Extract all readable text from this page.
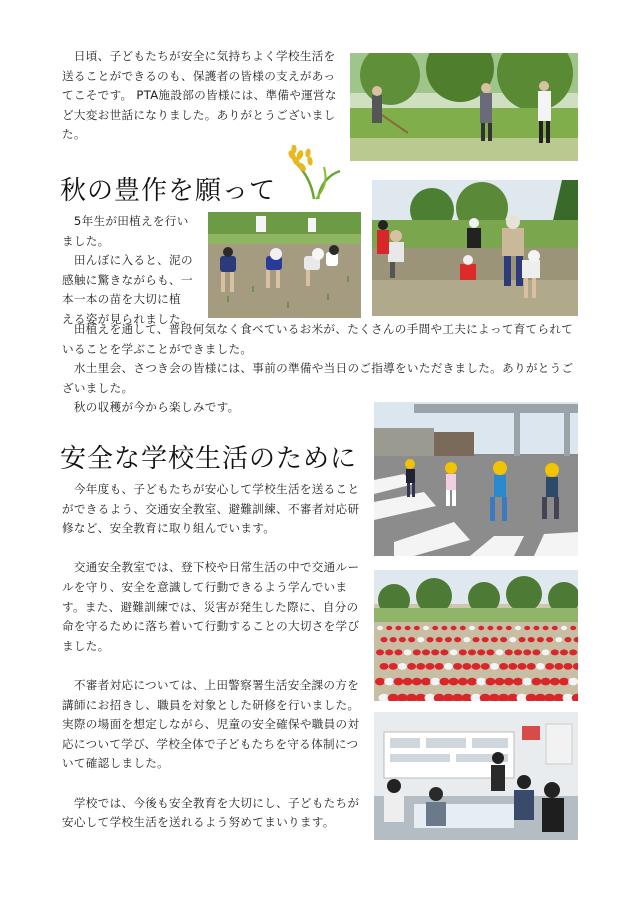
　日頃、子どもたちが安全に気持ちよく学校生活を送ることができるのも、保護者の皆様の支えがあってこそです。 PTA施設部の皆様には、準備や運営など大変お世話になりました。ありがとうございました。

秋の豊作を願って

　5年生が田植えを行い

ました。

　田んぼに入ると、泥の

感触に驚きながらも、一

本一本の苗を大切に植

える姿が見られました。

　田植えを通して、普段何気なく食べているお米が、たくさんの手間や工夫によって育てられていることを学ぶことができました。

　水土里会、さつき会の皆様には、事前の準備や当日のご指導をいただきました。ありがとうございました。

　秋の収穫が今から楽しみです。

安全な学校生活のために

　今年度も、子どもたちが安心して学校生活を送ることができるよう、交通安全教室、避難訓練、不審者対応研修など、安全教育に取り組んでいます。

　交通安全教室では、登下校や日常生活の中で交通ルールを守り、安全を意識して行動できるよう学んでいます。また、避難訓練では、災害が発生した際に、自分の命を守るために落ち着いて行動することの大切さを学びました。

　不審者対応については、上田警察署生活安全課の方を講師にお招きし、職員を対象とした研修を行いました。実際の場面を想定しながら、児童の安全確保や職員の対応について学び、学校全体で子どもたちを守る体制について確認しました。

　学校では、今後も安全教育を大切にし、子どもたちが安心して学校生活を送れるよう努めてまいります。
